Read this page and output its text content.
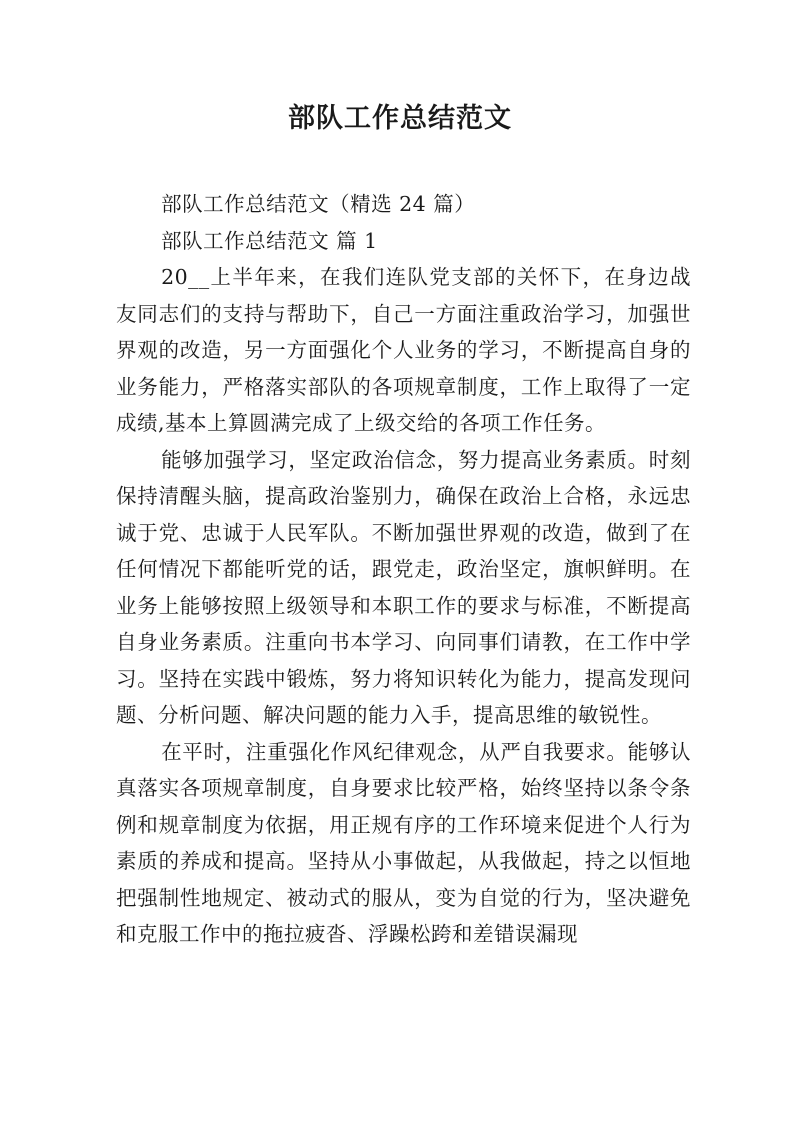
部队工作总结范文

部队工作总结范文（精选 24 篇）

部队工作总结范文 篇 1

20__上半年来，在我们连队党支部的关怀下，在身边战友同志们的支持与帮助下，自己一方面注重政治学习，加强世界观的改造，另一方面强化个人业务的学习，不断提高自身的业务能力，严格落实部队的各项规章制度，工作上取得了一定成绩,基本上算圆满完成了上级交给的各项工作任务。

能够加强学习，坚定政治信念，努力提高业务素质。时刻保持清醒头脑，提高政治鉴别力，确保在政治上合格，永远忠诚于党、忠诚于人民军队。不断加强世界观的改造，做到了在任何情况下都能听党的话，跟党走，政治坚定，旗帜鲜明。在业务上能够按照上级领导和本职工作的要求与标准，不断提高自身业务素质。注重向书本学习、向同事们请教，在工作中学习。坚持在实践中锻炼，努力将知识转化为能力，提高发现问题、分析问题、解决问题的能力入手，提高思维的敏锐性。

在平时，注重强化作风纪律观念，从严自我要求。能够认真落实各项规章制度，自身要求比较严格，始终坚持以条令条例和规章制度为依据，用正规有序的工作环境来促进个人行为素质的养成和提高。坚持从小事做起，从我做起，持之以恒地把强制性地规定、被动式的服从，变为自觉的行为，坚决避免和克服工作中的拖拉疲沓、浮躁松跨和差错误漏现
